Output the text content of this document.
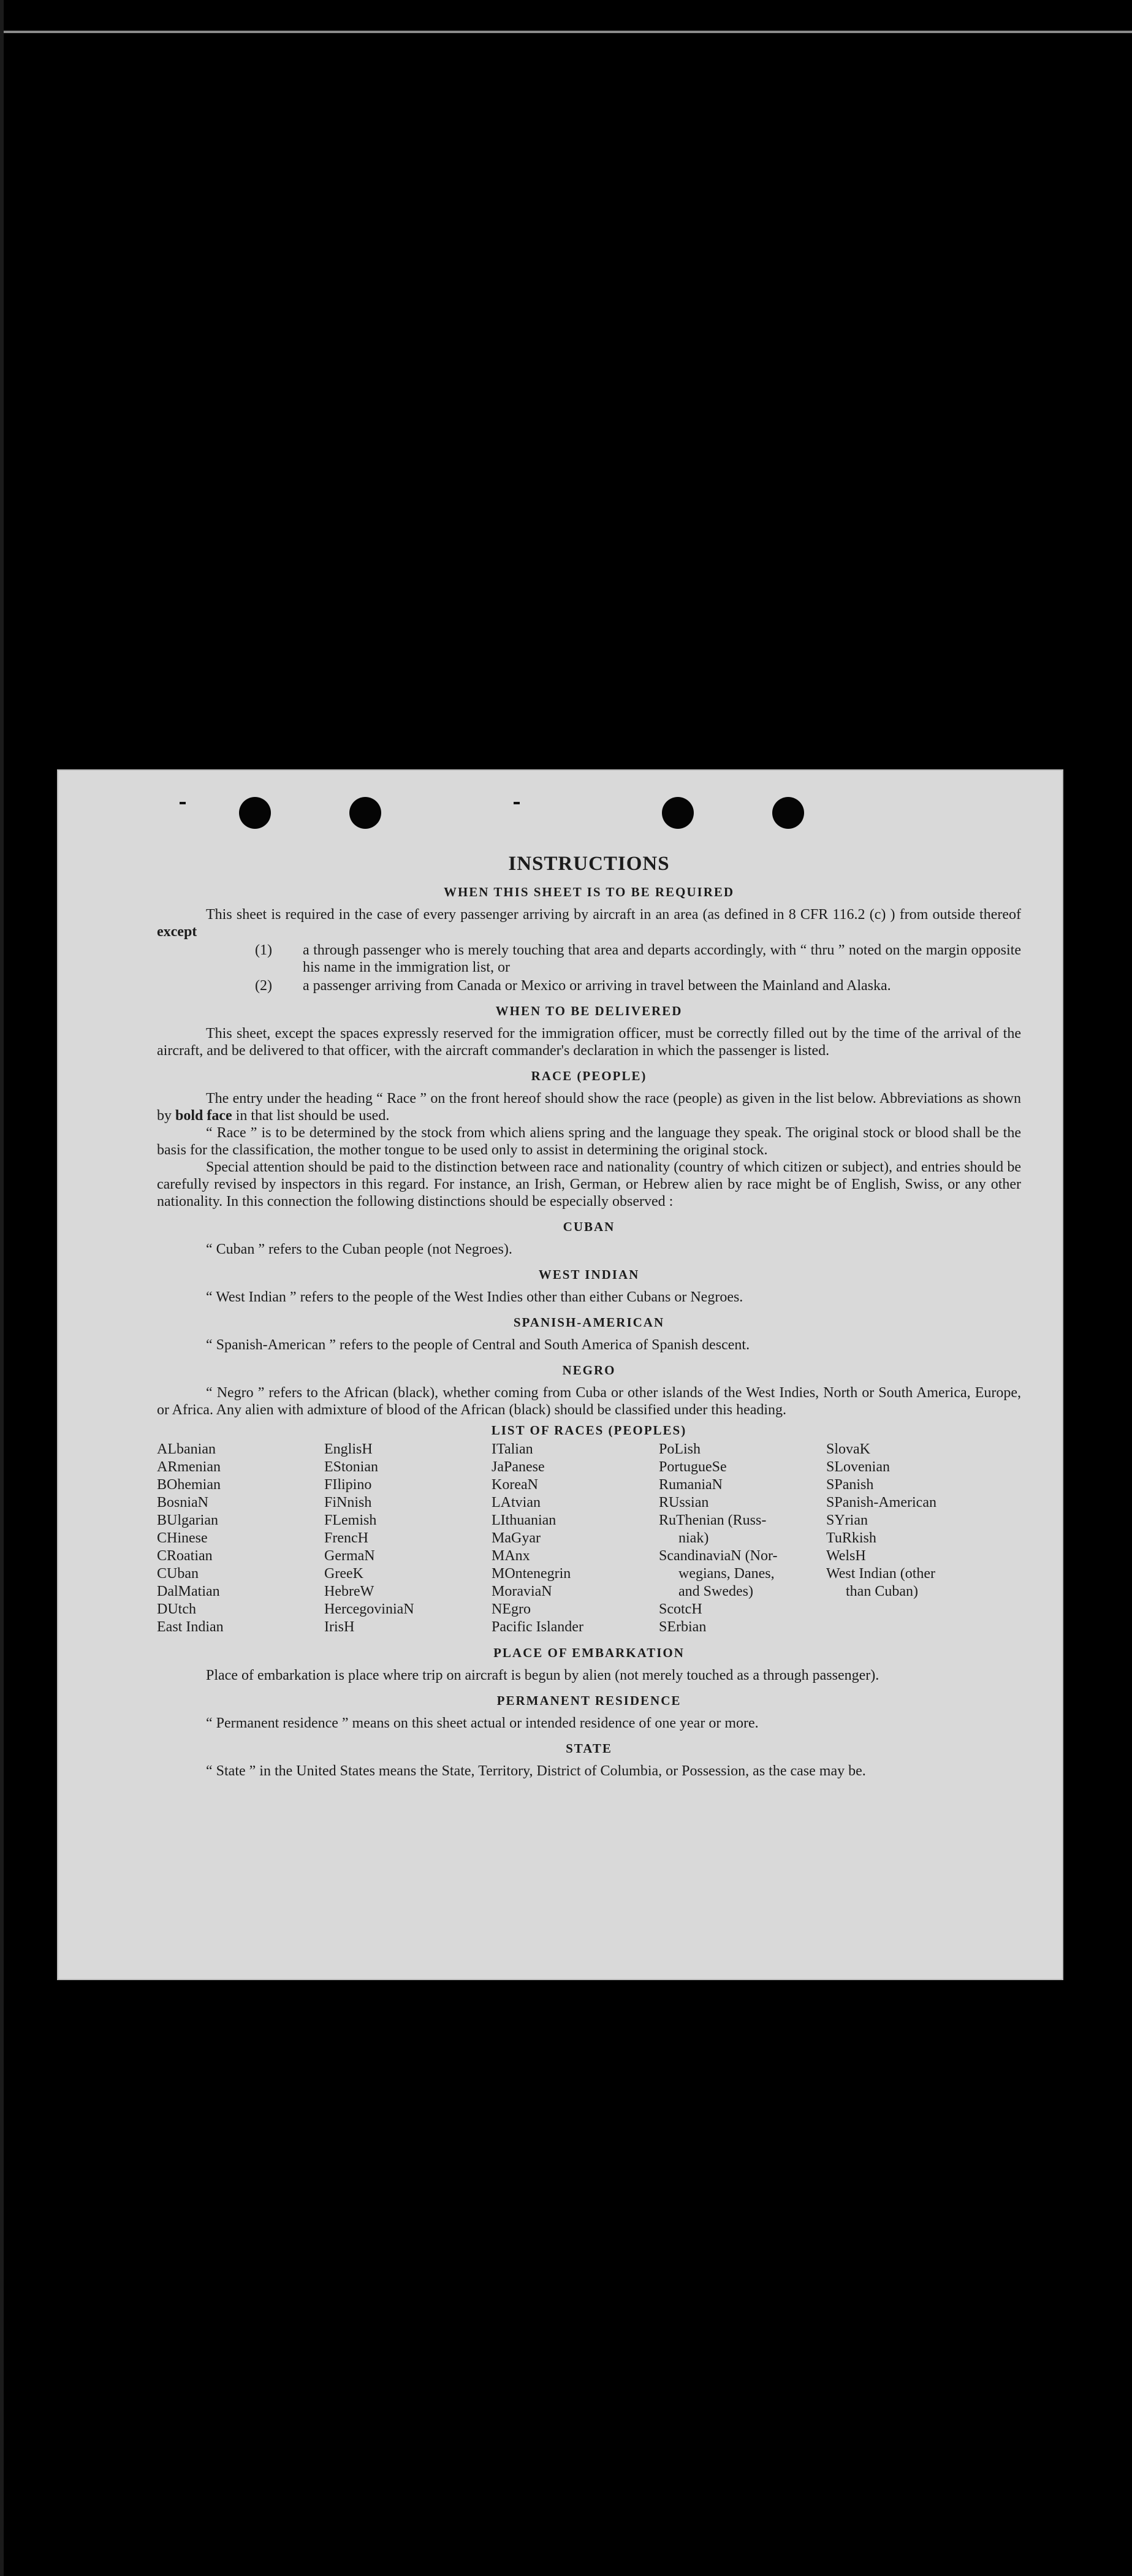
INSTRUCTIONS
WHEN THIS SHEET IS TO BE REQUIRED

This sheet is required in the case of every passenger arriving by aircraft in an area (as defined in 8 CFR 116.2 (c) ) from outside thereof except

(1) a through passenger who is merely touching that area and departs accordingly, with “ thru ” noted on the margin opposite his name in the immigration list, or

(2) a passenger arriving from Canada or Mexico or arriving in travel between the Mainland and Alaska.

WHEN TO BE DELIVERED

This sheet, except the spaces expressly reserved for the immigration officer, must be correctly filled out by the time of the arrival of the aircraft, and be delivered to that officer, with the aircraft commander's declaration in which the passenger is listed.

RACE (PEOPLE)

The entry under the heading “ Race ” on the front hereof should show the race (people) as given in the list below. Abbreviations as shown by bold face in that list should be used.

“ Race ” is to be determined by the stock from which aliens spring and the language they speak. The original stock or blood shall be the basis for the classification, the mother tongue to be used only to assist in determining the original stock.

Special attention should be paid to the distinction between race and nationality (country of which citizen or subject), and entries should be carefully revised by inspectors in this regard. For instance, an Irish, German, or Hebrew alien by race might be of English, Swiss, or any other nationality. In this connection the following distinctions should be especially observed :

CUBAN

“ Cuban ” refers to the Cuban people (not Negroes).

WEST INDIAN

“ West Indian ” refers to the people of the West Indies other than either Cubans or Negroes.

SPANISH-AMERICAN

“ Spanish-American ” refers to the people of Central and South America of Spanish descent.

NEGRO

“ Negro ” refers to the African (black), whether coming from Cuba or other islands of the West Indies, North or South America, Europe, or Africa. Any alien with admixture of blood of the African (black) should be classified under this heading.

LIST OF RACES (PEOPLES)
ALbanian
ARmenian
BOhemian
BosniaN
BUlgarian
CHinese
CRoatian
CUban
DalMatian
DUtch
East Indian
EnglisH
EStonian
FIlipino
FiNnish
FLemish
FrencH
GermaN
GreeK
HebreW
HercegoviniaN
IrisH
ITalian
JaPanese
KoreaN
LAtvian
LIthuanian
MaGyar
MAnx
MOntenegrin
MoraviaN
NEgro
Pacific Islander
PoLish
PortugueSe
RumaniaN
RUssian
RuThenian (Russ-
niak)
ScandinaviaN (Nor-
wegians, Danes,
and Swedes)
ScotcH
SErbian
SlovaK
SLovenian
SPanish
SPanish-American
SYrian
TuRkish
WelsH
West Indian (other
than Cuban)
PLACE OF EMBARKATION

Place of embarkation is place where trip on aircraft is begun by alien (not merely touched as a through passenger).

PERMANENT RESIDENCE

“ Permanent residence ” means on this sheet actual or intended residence of one year or more.

STATE

“ State ” in the United States means the State, Territory, District of Columbia, or Possession, as the case may be.
